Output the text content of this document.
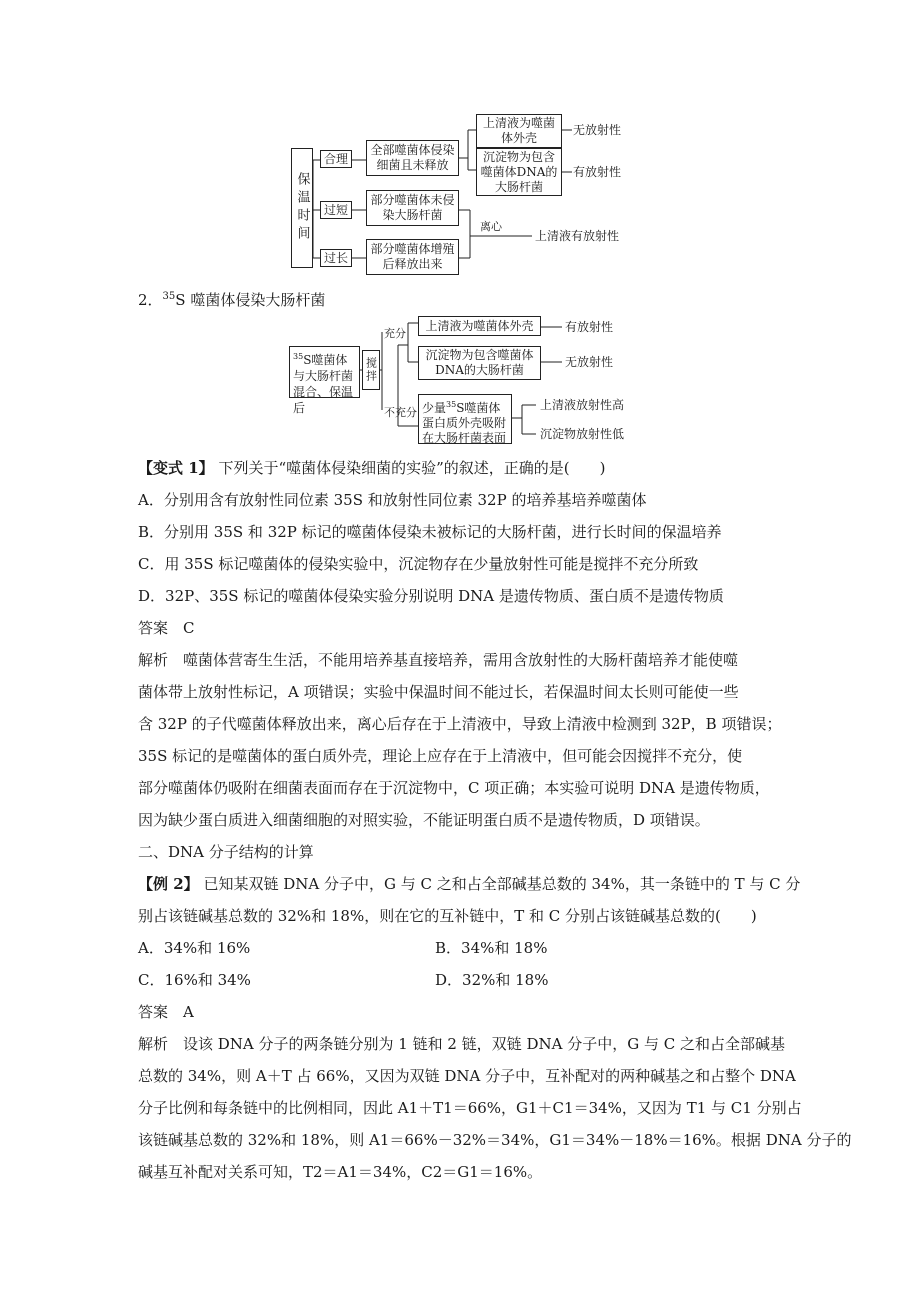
保温时间
合理
过短
过长
全部噬菌体侵染细菌且未释放
上清液为噬菌体外壳
沉淀物为包含噬菌体DNA的大肠杆菌
无放射性
有放射性
部分噬菌体未侵染大肠杆菌
部分噬菌体增殖后释放出来
离心
上清液有放射性
2．$^{35}$S 噬菌体侵染大肠杆菌
$^{35}$S噬菌体与大肠杆菌混合、保温后
搅拌
充分
不充分
上清液为噬菌体外壳
沉淀物为包含噬菌体DNA的大肠杆菌
有放射性
无放射性
少量$^{35}$S噬菌体蛋白质外壳吸附在大肠杆菌表面
上清液放射性高
沉淀物放射性低
【变式 1】 下列关于“噬菌体侵染细菌的实验”的叙述，正确的是(　　)
A．分别用含有放射性同位素 35S 和放射性同位素 32P 的培养基培养噬菌体
B．分别用 35S 和 32P 标记的噬菌体侵染未被标记的大肠杆菌，进行长时间的保温培养
C．用 35S 标记噬菌体的侵染实验中，沉淀物存在少量放射性可能是搅拌不充分所致
D．32P、35S 标记的噬菌体侵染实验分别说明 DNA 是遗传物质、蛋白质不是遗传物质
答案　C
解析　噬菌体营寄生生活，不能用培养基直接培养，需用含放射性的大肠杆菌培养才能使噬
菌体带上放射性标记，A 项错误；实验中保温时间不能过长，若保温时间太长则可能使一些
含 32P 的子代噬菌体释放出来，离心后存在于上清液中，导致上清液中检测到 32P，B 项错误；
35S 标记的是噬菌体的蛋白质外壳，理论上应存在于上清液中，但可能会因搅拌不充分，使
部分噬菌体仍吸附在细菌表面而存在于沉淀物中，C 项正确；本实验可说明 DNA 是遗传物质，
因为缺少蛋白质进入细菌细胞的对照实验，不能证明蛋白质不是遗传物质，D 项错误。
二、DNA 分子结构的计算
【例 2】 已知某双链 DNA 分子中，G 与 C 之和占全部碱基总数的 34%，其一条链中的 T 与 C 分
别占该链碱基总数的 32%和 18%，则在它的互补链中，T 和 C 分别占该链碱基总数的(　　)
A．34%和 16%	B．34%和 18%
C．16%和 34%	D．32%和 18%
答案　A
解析　设该 DNA 分子的两条链分别为 1 链和 2 链，双链 DNA 分子中，G 与 C 之和占全部碱基
总数的 34%，则 A＋T 占 66%，又因为双链 DNA 分子中，互补配对的两种碱基之和占整个 DNA
分子比例和每条链中的比例相同，因此 A1＋T1＝66%，G1＋C1＝34%，又因为 T1 与 C1 分别占
该链碱基总数的 32%和 18%，则 A1＝66%－32%＝34%，G1＝34%－18%＝16%。根据 DNA 分子的
碱基互补配对关系可知，T2＝A1＝34%，C2＝G1＝16%。
